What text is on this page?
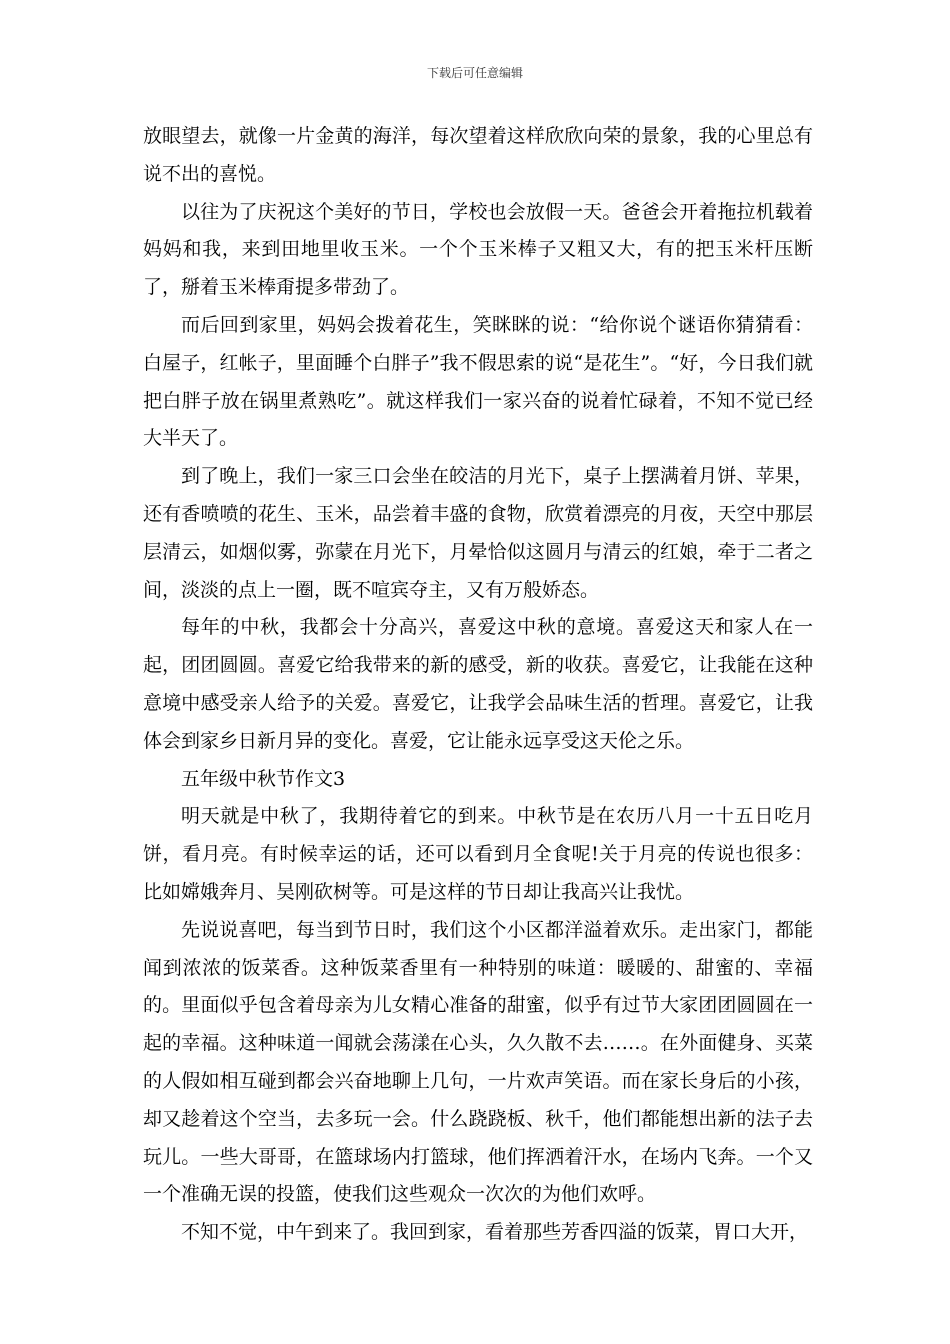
下载后可任意编辑

放眼望去，就像一片金黄的海洋，每次望着这样欣欣向荣的景象，我的心里总有说不出的喜悦。

以往为了庆祝这个美好的节日，学校也会放假一天。爸爸会开着拖拉机载着妈妈和我，来到田地里收玉米。一个个玉米棒子又粗又大，有的把玉米杆压断了，掰着玉米棒甭提多带劲了。

而后回到家里，妈妈会拨着花生，笑眯眯的说：“给你说个谜语你猜猜看：白屋子，红帐子，里面睡个白胖子”我不假思索的说“是花生”。“好，今日我们就把白胖子放在锅里煮熟吃”。就这样我们一家兴奋的说着忙碌着，不知不觉已经大半天了。

到了晚上，我们一家三口会坐在皎洁的月光下，桌子上摆满着月饼、苹果，还有香喷喷的花生、玉米，品尝着丰盛的食物，欣赏着漂亮的月夜，天空中那层层清云，如烟似雾，弥蒙在月光下，月晕恰似这圆月与清云的红娘，牵于二者之间，淡淡的点上一圈，既不喧宾夺主，又有万般娇态。

每年的中秋，我都会十分高兴，喜爱这中秋的意境。喜爱这天和家人在一起，团团圆圆。喜爱它给我带来的新的感受，新的收获。喜爱它，让我能在这种意境中感受亲人给予的关爱。喜爱它，让我学会品味生活的哲理。喜爱它，让我体会到家乡日新月异的变化。喜爱，它让能永远享受这天伦之乐。

五年级中秋节作文3

明天就是中秋了，我期待着它的到来。中秋节是在农历八月一十五日吃月饼，看月亮。有时候幸运的话，还可以看到月全食呢!关于月亮的传说也很多：比如嫦娥奔月、吴刚砍树等。可是这样的节日却让我高兴让我忧。

先说说喜吧，每当到节日时，我们这个小区都洋溢着欢乐。走出家门，都能闻到浓浓的饭菜香。这种饭菜香里有一种特别的味道：暖暖的、甜蜜的、幸福的。里面似乎包含着母亲为儿女精心准备的甜蜜，似乎有过节大家团团圆圆在一起的幸福。这种味道一闻就会荡漾在心头，久久散不去……。在外面健身、买菜的人假如相互碰到都会兴奋地聊上几句，一片欢声笑语。而在家长身后的小孩，却又趁着这个空当，去多玩一会。什么跷跷板、秋千，他们都能想出新的法子去玩儿。一些大哥哥，在篮球场内打篮球，他们挥洒着汗水，在场内飞奔。一个又一个准确无误的投篮，使我们这些观众一次次的为他们欢呼。

不知不觉，中午到来了。我回到家，看着那些芳香四溢的饭菜，胃口大开，
